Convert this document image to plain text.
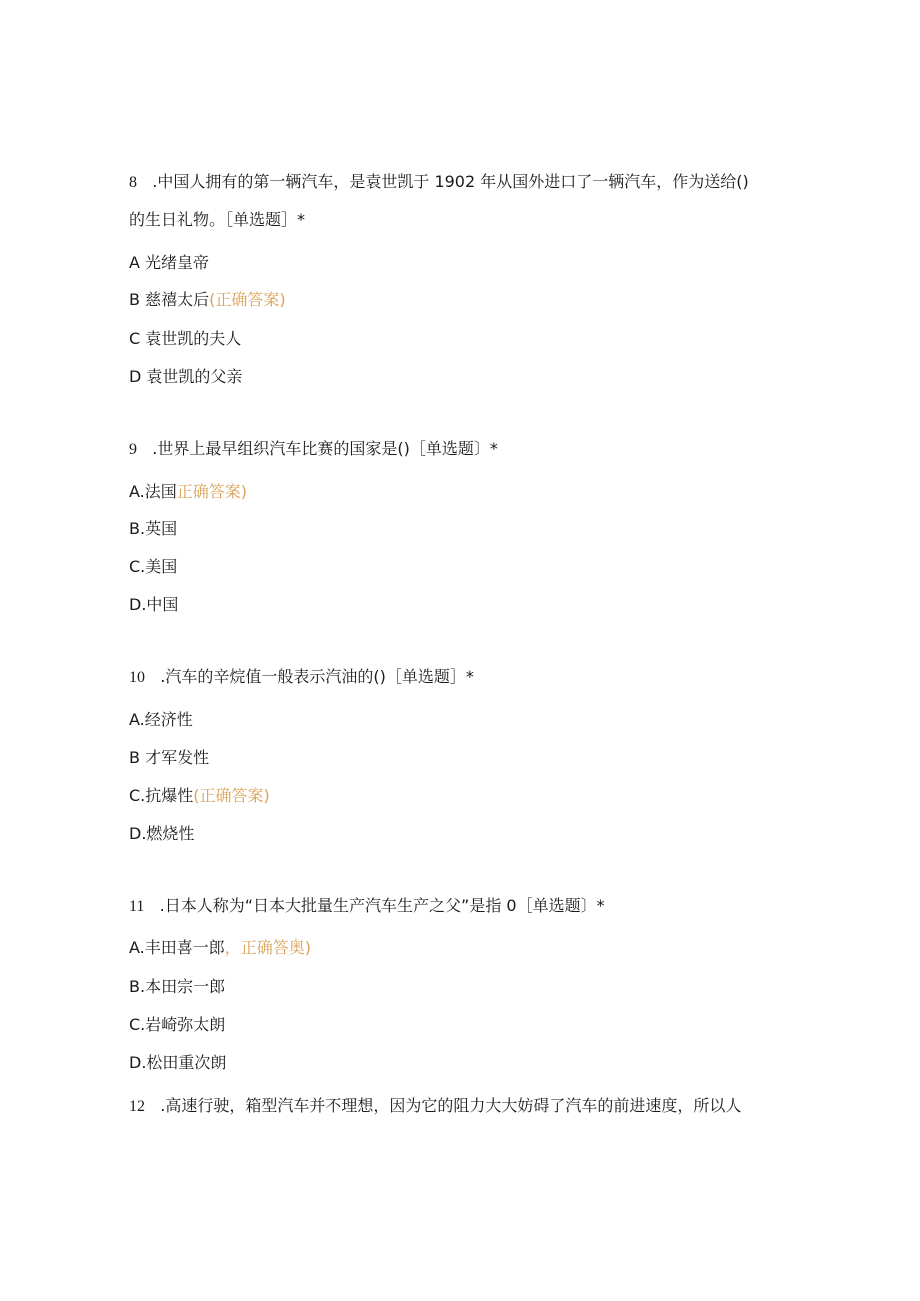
8 .中国人拥有的第一辆汽车，是袁世凯于 1902 年从国外进口了一辆汽车，作为送给()
的生日礼物。［单选题］*
A 光绪皇帝
B 慈禧太后(正确答案)
C 袁世凯的夫人
D 袁世凯的父亲
9 .世界上最早组织汽车比赛的国家是()［单选题〕*
A.法国正确答案)
B.英国
C.美国
D.中国
10 .汽车的辛烷值一般表示汽油的()［单选题］*
A.经济性
B 才军发性
C.抗爆性(正确答案)
D.燃烧性
11 .日本人称为“日本大批量生产汽车生产之父”是指 0［单选题〕*
A.丰田喜一郎，正确答奥)
B.本田宗一郎
C.岩崎弥太朗
D.松田重次朗
12 .高速行驶，箱型汽车并不理想，因为它的阻力大大妨碍了汽车的前进速度，所以人
